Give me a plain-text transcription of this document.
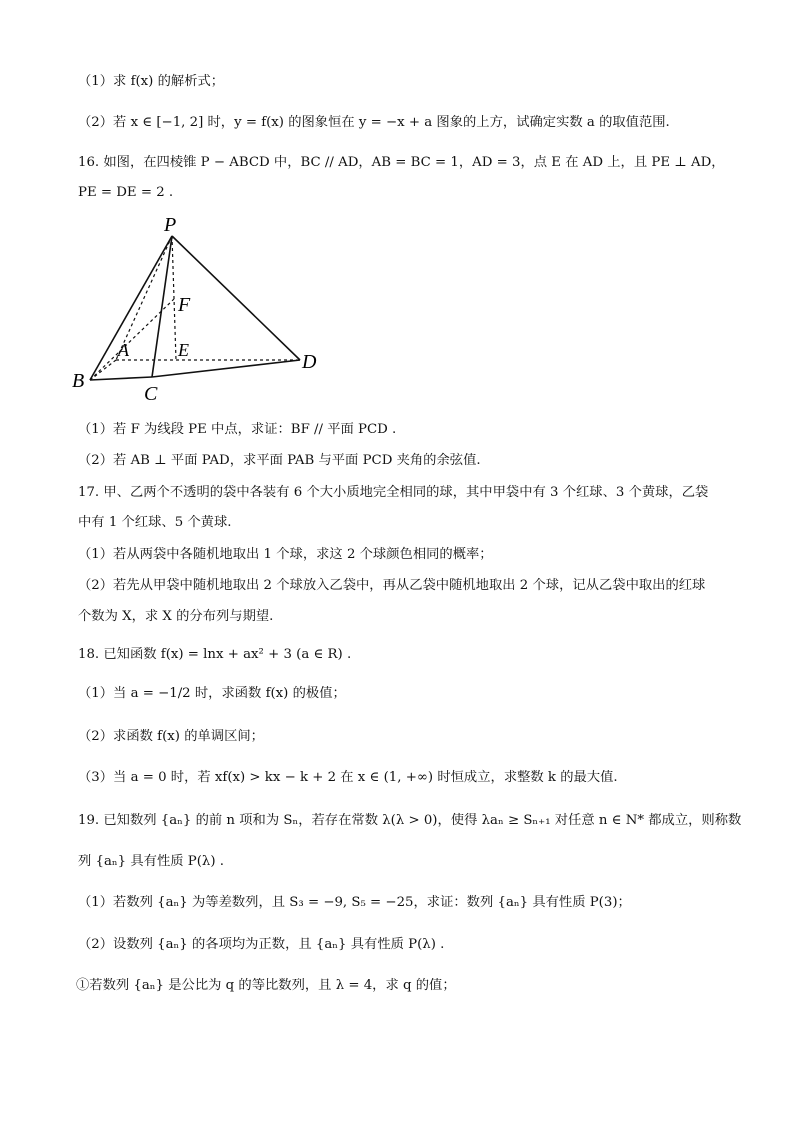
（1）求 f(x) 的解析式；
（2）若 x ∈ [−1, 2] 时，y = f(x) 的图象恒在 y = −x + a 图象的上方，试确定实数 a 的取值范围.
16. 如图，在四棱锥 P − ABCD 中，BC // AD，AB = BC = 1，AD = 3，点 E 在 AD 上，且 PE ⊥ AD，
PE = DE = 2 .
P
F
A	E
D
B
C
（1）若 F 为线段 PE 中点，求证：BF // 平面 PCD .
（2）若 AB ⊥ 平面 PAD，求平面 PAB 与平面 PCD 夹角的余弦值.
17. 甲、乙两个不透明的袋中各装有 6 个大小质地完全相同的球，其中甲袋中有 3 个红球、3 个黄球，乙袋
中有 1 个红球、5 个黄球.
（1）若从两袋中各随机地取出 1 个球，求这 2 个球颜色相同的概率；
（2）若先从甲袋中随机地取出 2 个球放入乙袋中，再从乙袋中随机地取出 2 个球，记从乙袋中取出的红球
个数为 X，求 X 的分布列与期望.
18. 已知函数 f(x) = lnx + ax² + 3 (a ∈ R) .
（1）当 a = −1/2 时，求函数 f(x) 的极值；
（2）求函数 f(x) 的单调区间；
（3）当 a = 0 时，若 xf(x) > kx − k + 2 在 x ∈ (1, +∞) 时恒成立，求整数 k 的最大值.
19. 已知数列 {aₙ} 的前 n 项和为 Sₙ，若存在常数 λ(λ > 0)，使得 λaₙ ≥ Sₙ₊₁ 对任意 n ∈ N* 都成立，则称数
列 {aₙ} 具有性质 P(λ) .
（1）若数列 {aₙ} 为等差数列，且 S₃ = −9, S₅ = −25，求证：数列 {aₙ} 具有性质 P(3)；
（2）设数列 {aₙ} 的各项均为正数，且 {aₙ} 具有性质 P(λ) .
①若数列 {aₙ} 是公比为 q 的等比数列，且 λ = 4，求 q 的值；
